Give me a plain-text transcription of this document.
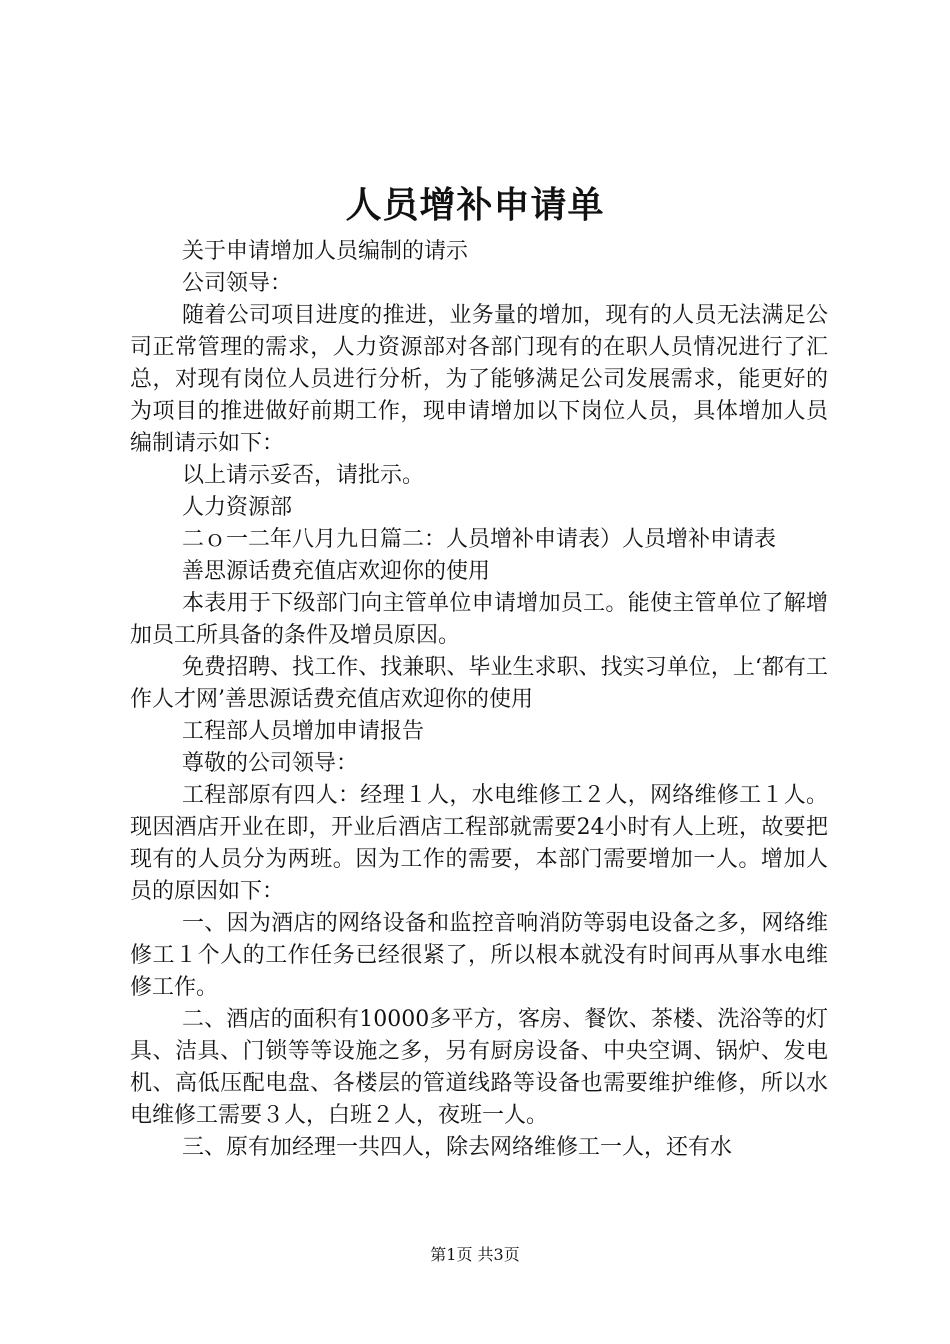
人员增补申请单

关于申请增加人员编制的请示

公司领导：

随着公司项目进度的推进，业务量的增加，现有的人员无法满足公司正常管理的需求，人力资源部对各部门现有的在职人员情况进行了汇总，对现有岗位人员进行分析，为了能够满足公司发展需求，能更好的为项目的推进做好前期工作，现申请增加以下岗位人员，具体增加人员编制请示如下：

以上请示妥否，请批示。

人力资源部

二ｏ一二年八月九日篇二：人员增补申请表）人员增补申请表

善思源话费充值店欢迎你的使用

本表用于下级部门向主管单位申请增加员工。能使主管单位了解增加员工所具备的条件及增员原因。

免费招聘、找工作、找兼职、毕业生求职、找实习单位，上‘都有工作人才网’善思源话费充值店欢迎你的使用

工程部人员增加申请报告

尊敬的公司领导：

工程部原有四人：经理１人，水电维修工２人，网络维修工１人。现因酒店开业在即，开业后酒店工程部就需要24小时有人上班，故要把现有的人员分为两班。因为工作的需要，本部门需要增加一人。增加人员的原因如下：

一、因为酒店的网络设备和监控音响消防等弱电设备之多，网络维修工１个人的工作任务已经很紧了，所以根本就没有时间再从事水电维修工作。

二、酒店的面积有10000多平方，客房、餐饮、茶楼、洗浴等的灯具、洁具、门锁等等设施之多，另有厨房设备、中央空调、锅炉、发电机、高低压配电盘、各楼层的管道线路等设备也需要维护维修，所以水电维修工需要３人，白班２人，夜班一人。

三、原有加经理一共四人，除去网络维修工一人，还有水

第1页 共3页
